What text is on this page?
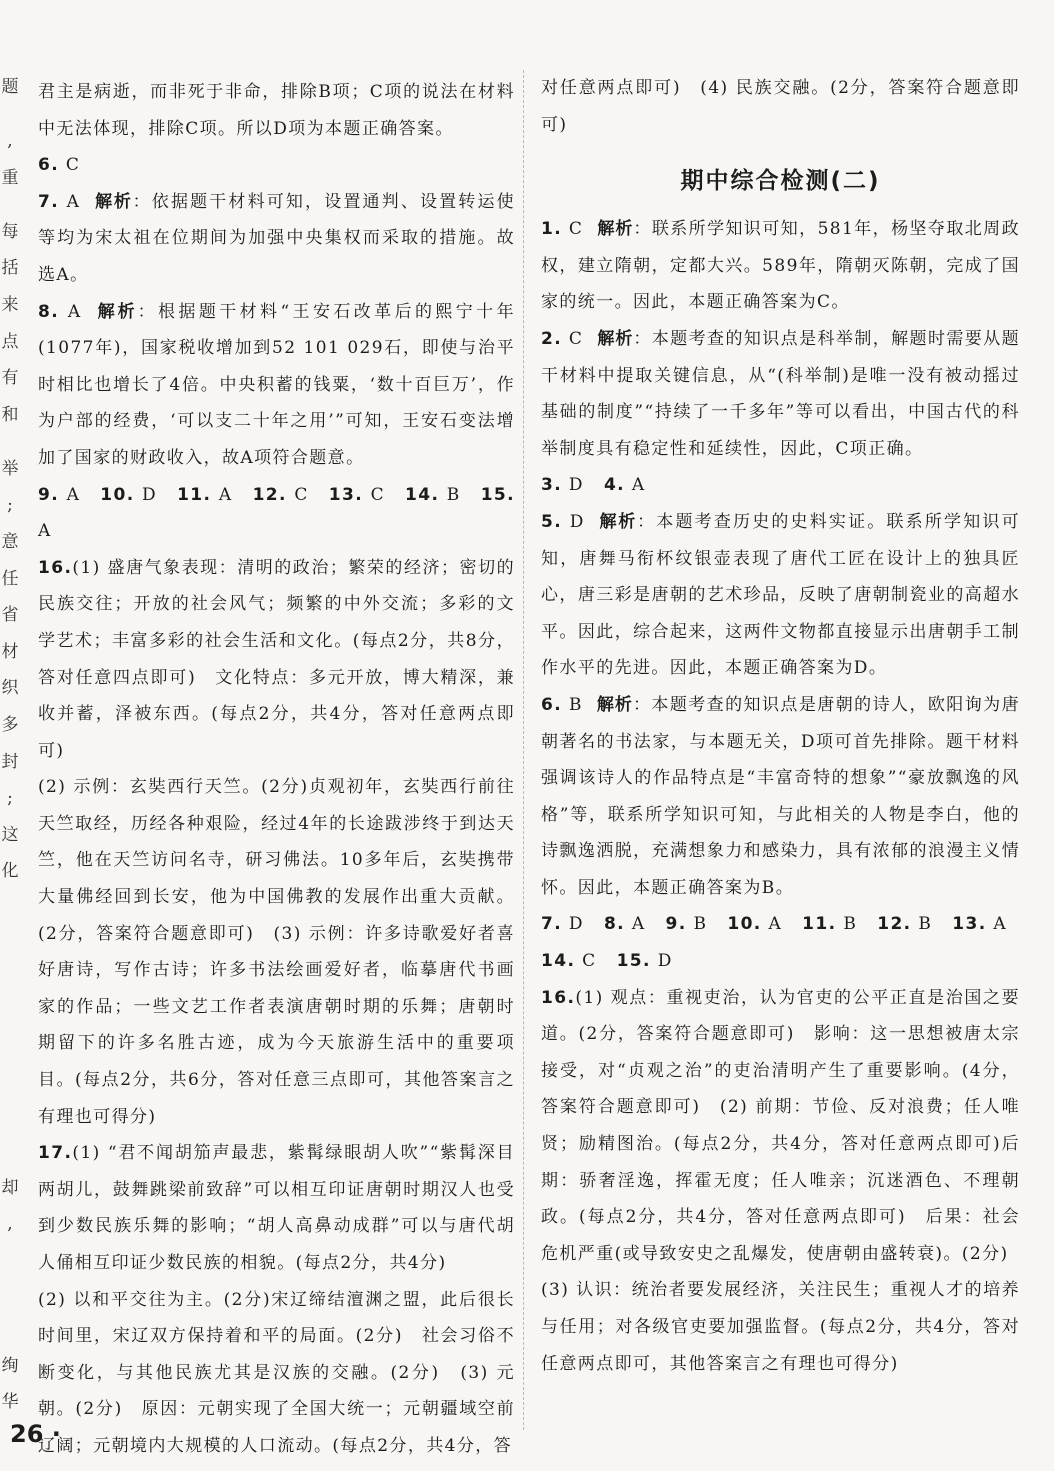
题
,
重
每
括
来
点
有
和
举
;
意
任
省
材
织
多
封
;
这
化
却
,
绚
华

君主是病逝，而非死于非命，排除B项；C项的说法在材料中无法体现，排除C项。所以D项为本题正确答案。

6. C

7. A 解析：依据题干材料可知，设置通判、设置转运使等均为宋太祖在位期间为加强中央集权而采取的措施。故选A。

8. A 解析：根据题干材料“王安石改革后的熙宁十年(1077年)，国家税收增加到52 101 029石，即使与治平时相比也增长了4倍。中央积蓄的钱粟，‘数十百巨万’，作为户部的经费，‘可以支二十年之用’”可知，王安石变法增加了国家的财政收入，故A项符合题意。

9. A 10. D 11. A 12. C 13. C 14. B 15. A

16.(1) 盛唐气象表现：清明的政治；繁荣的经济；密切的民族交往；开放的社会风气；频繁的中外交流；多彩的文学艺术；丰富多彩的社会生活和文化。(每点2分，共8分，答对任意四点即可)　文化特点：多元开放，博大精深，兼收并蓄，泽被东西。(每点2分，共4分，答对任意两点即可)

(2) 示例：玄奘西行天竺。(2分)贞观初年，玄奘西行前往天竺取经，历经各种艰险，经过4年的长途跋涉终于到达天竺，他在天竺访问名寺，研习佛法。10多年后，玄奘携带大量佛经回到长安，他为中国佛教的发展作出重大贡献。(2分，答案符合题意即可)　(3) 示例：许多诗歌爱好者喜好唐诗，写作古诗；许多书法绘画爱好者，临摹唐代书画家的作品；一些文艺工作者表演唐朝时期的乐舞；唐朝时期留下的许多名胜古迹，成为今天旅游生活中的重要项目。(每点2分，共6分，答对任意三点即可，其他答案言之有理也可得分)

17.(1) “君不闻胡笳声最悲，紫髯绿眼胡人吹”“紫髯深目两胡儿，鼓舞跳梁前致辞”可以相互印证唐朝时期汉人也受到少数民族乐舞的影响；“胡人高鼻动成群”可以与唐代胡人俑相互印证少数民族的相貌。(每点2分，共4分)

(2) 以和平交往为主。(2分)宋辽缔结澶渊之盟，此后很长时间里，宋辽双方保持着和平的局面。(2分)　社会习俗不断变化，与其他民族尤其是汉族的交融。(2分)　(3) 元朝。(2分)　原因：元朝实现了全国大统一；元朝疆域空前辽阔；元朝境内大规模的人口流动。(每点2分，共4分，答

对任意两点即可)　(4) 民族交融。(2分，答案符合题意即可)

期中综合检测(二)

1. C 解析：联系所学知识可知，581年，杨坚夺取北周政权，建立隋朝，定都大兴。589年，隋朝灭陈朝，完成了国家的统一。因此，本题正确答案为C。

2. C 解析：本题考查的知识点是科举制，解题时需要从题干材料中提取关键信息，从“(科举制)是唯一没有被动摇过基础的制度”“持续了一千多年”等可以看出，中国古代的科举制度具有稳定性和延续性，因此，C项正确。

3. D 4. A

5. D 解析：本题考查历史的史料实证。联系所学知识可知，唐舞马衔杯纹银壶表现了唐代工匠在设计上的独具匠心，唐三彩是唐朝的艺术珍品，反映了唐朝制瓷业的高超水平。因此，综合起来，这两件文物都直接显示出唐朝手工制作水平的先进。因此，本题正确答案为D。

6. B 解析：本题考查的知识点是唐朝的诗人，欧阳询为唐朝著名的书法家，与本题无关，D项可首先排除。题干材料强调该诗人的作品特点是“丰富奇特的想象”“豪放飘逸的风格”等，联系所学知识可知，与此相关的人物是李白，他的诗飘逸洒脱，充满想象力和感染力，具有浓郁的浪漫主义情怀。因此，本题正确答案为B。

7. D 8. A 9. B 10. A 11. B 12. B 13. A

14. C 15. D

16.(1) 观点：重视吏治，认为官吏的公平正直是治国之要道。(2分，答案符合题意即可)　影响：这一思想被唐太宗接受，对“贞观之治”的吏治清明产生了重要影响。(4分，答案符合题意即可)　(2) 前期：节俭、反对浪费；任人唯贤；励精图治。(每点2分，共4分，答对任意两点即可)后期：骄奢淫逸，挥霍无度；任人唯亲；沉迷酒色、不理朝政。(每点2分，共4分，答对任意两点即可)　后果：社会危机严重(或导致安史之乱爆发，使唐朝由盛转衰)。(2分)

(3) 认识：统治者要发展经济，关注民生；重视人才的培养与任用；对各级官吏要加强监督。(每点2分，共4分，答对任意两点即可，其他答案言之有理也可得分)

26 ·
